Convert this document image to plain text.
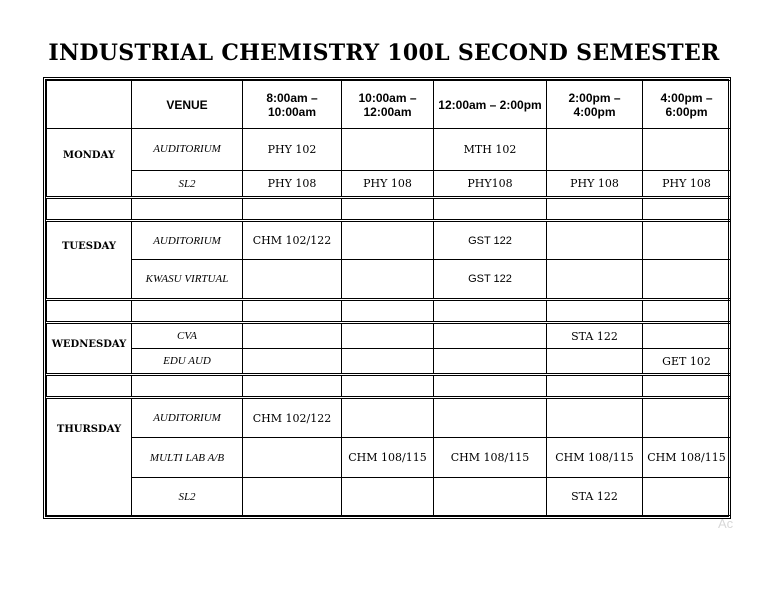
INDUSTRIAL CHEMISTRY 100L SECOND SEMESTER
	VENUE	8:00am – 10:00am	10:00am – 12:00am	12:00am – 2:00pm	2:00pm – 4:00pm	4:00pm – 6:00pm
MONDAY	AUDITORIUM	PHY 102		MTH 102		
	SL2	PHY 108	PHY 108	PHY108	PHY 108	PHY 108

TUESDAY	AUDITORIUM	CHM 102/122		GST 122		
	KWASU VIRTUAL			GST 122		

WEDNESDAY	CVA				STA 122	
	EDU AUD					GET 102

THURSDAY	AUDITORIUM	CHM 102/122				
	MULTI LAB A/B		CHM 108/115	CHM 108/115	CHM 108/115	CHM 108/115
	SL2				STA 122	
Ac
